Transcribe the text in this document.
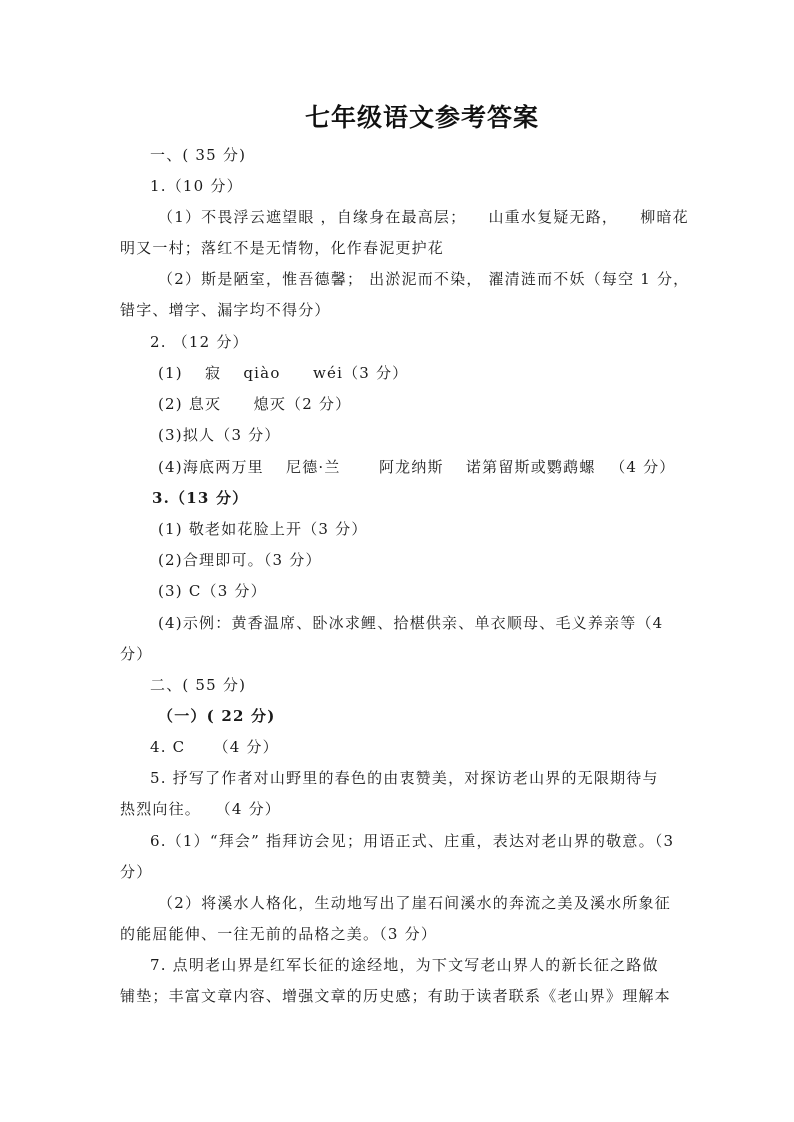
七年级语文参考答案
一、( 35 分)
1.（10 分）
（1）不畏浮云遮望眼 ，自缘身在最高层； 　山重水复疑无路， 　柳暗花
明又一村；落红不是无情物，化作春泥更护花
（2）斯是陋室，惟吾德馨； 出淤泥而不染， 濯清涟而不妖（每空 1 分，
错字、增字、漏字均不得分）
2. （12 分）
(1) 　寂　 qiào　　wéi（3 分）
(2) 息灭　　熄灭（2 分）
(3)拟人（3 分）
(4)海底两万里 　尼德·兰 　　阿龙纳斯 　诺第留斯或鹦鹉螺 　（4 分）
3.（13 分）
(1) 敬老如花脸上开（3 分）
(2)合理即可。（3 分）
(3) C（3 分）
(4)示例：黄香温席、卧冰求鲤、拾椹供亲、单衣顺母、毛义养亲等（4
分）
二、( 55 分)
（一）( 22 分)
4. C 　 （4 分）
5. 抒写了作者对山野里的春色的由衷赞美，对探访老山界的无限期待与
热烈向往。 　（4 分）
6.（1）“拜会” 指拜访会见；用语正式、庄重，表达对老山界的敬意。（3
分）
（2）将溪水人格化，生动地写出了崖石间溪水的奔流之美及溪水所象征
的能屈能伸、一往无前的品格之美。（3 分）
7. 点明老山界是红军长征的途经地，为下文写老山界人的新长征之路做
铺垫；丰富文章内容、增强文章的历史感；有助于读者联系《老山界》理解本
